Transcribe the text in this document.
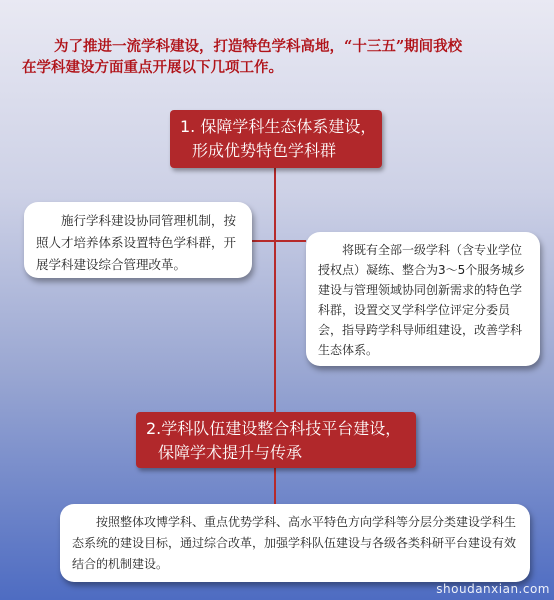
为了推进一流学科建设，打造特色学科高地，“十三五”期间我校
在学科建设方面重点开展以下几项工作。

1. 保障学科生态体系建设，
形成优势特色学科群
施行学科建设协同管理机制，按照人才培养体系设置特色学科群，开展学科建设综合管理改革。
将既有全部一级学科（含专业学位授权点）凝练、整合为3～5个服务城乡建设与管理领域协同创新需求的特色学科群，设置交叉学科学位评定分委员会，指导跨学科导师组建设，改善学科生态体系。
2.学科队伍建设整合科技平台建设，
保障学术提升与传承
按照整体攻博学科、重点优势学科、高水平特色方向学科等分层分类建设学科生态系统的建设目标，通过综合改革，加强学科队伍建设与各级各类科研平台建设有效结合的机制建设。
shoudanxian.com
